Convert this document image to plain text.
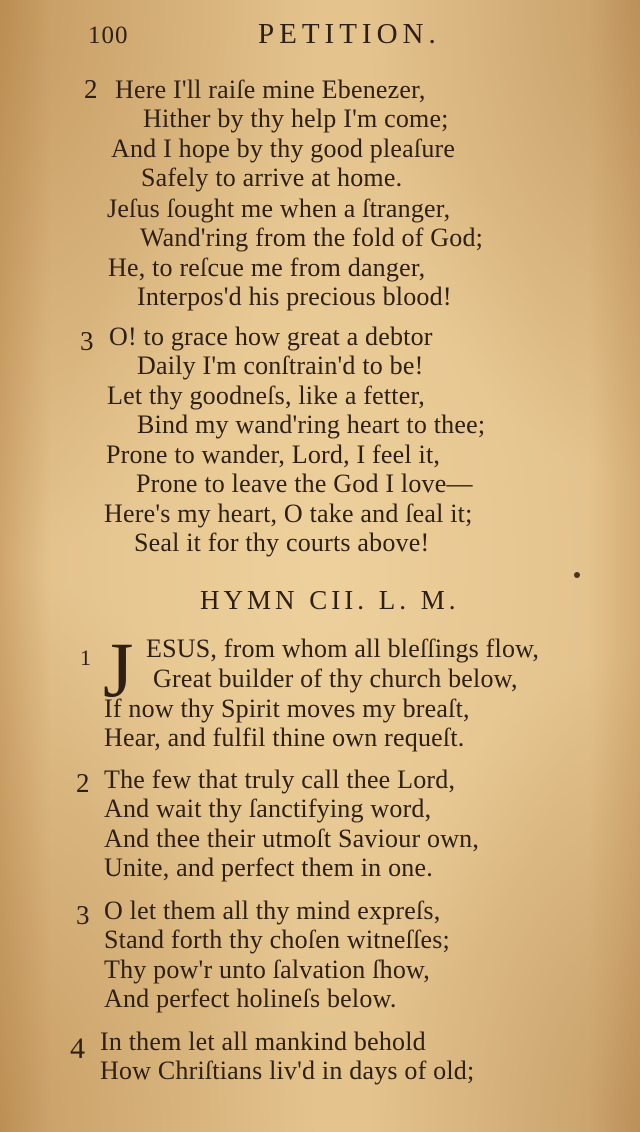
100	PETITION.
2 Here I'll raiſe mine Ebenezer,
Hither by thy help I'm come;
And I hope by thy good pleaſure
Safely to arrive at home.
Jeſus ſought me when a ſtranger,
Wand'ring from the fold of God;
He, to reſcue me from danger,
Interpos'd his precious blood!
3 O! to grace how great a debtor
Daily I'm conſtrain'd to be!
Let thy goodneſs, like a fetter,
Bind my wand'ring heart to thee;
Prone to wander, Lord, I feel it,
Prone to leave the God I love—
Here's my heart, O take and ſeal it;
Seal it for thy courts above!
HYMN CII. L. M.
1 J ESUS, from whom all bleſſings flow,
Great builder of thy church below,
If now thy Spirit moves my breaſt,
Hear, and fulfil thine own requeſt.
2 The few that truly call thee Lord,
And wait thy ſanctifying word,
And thee their utmoſt Saviour own,
Unite, and perfect them in one.
3 O let them all thy mind expreſs,
Stand forth thy choſen witneſſes;
Thy pow'r unto ſalvation ſhow,
And perfect holineſs below.
4 In them let all mankind behold
How Chriſtians liv'd in days of old;
